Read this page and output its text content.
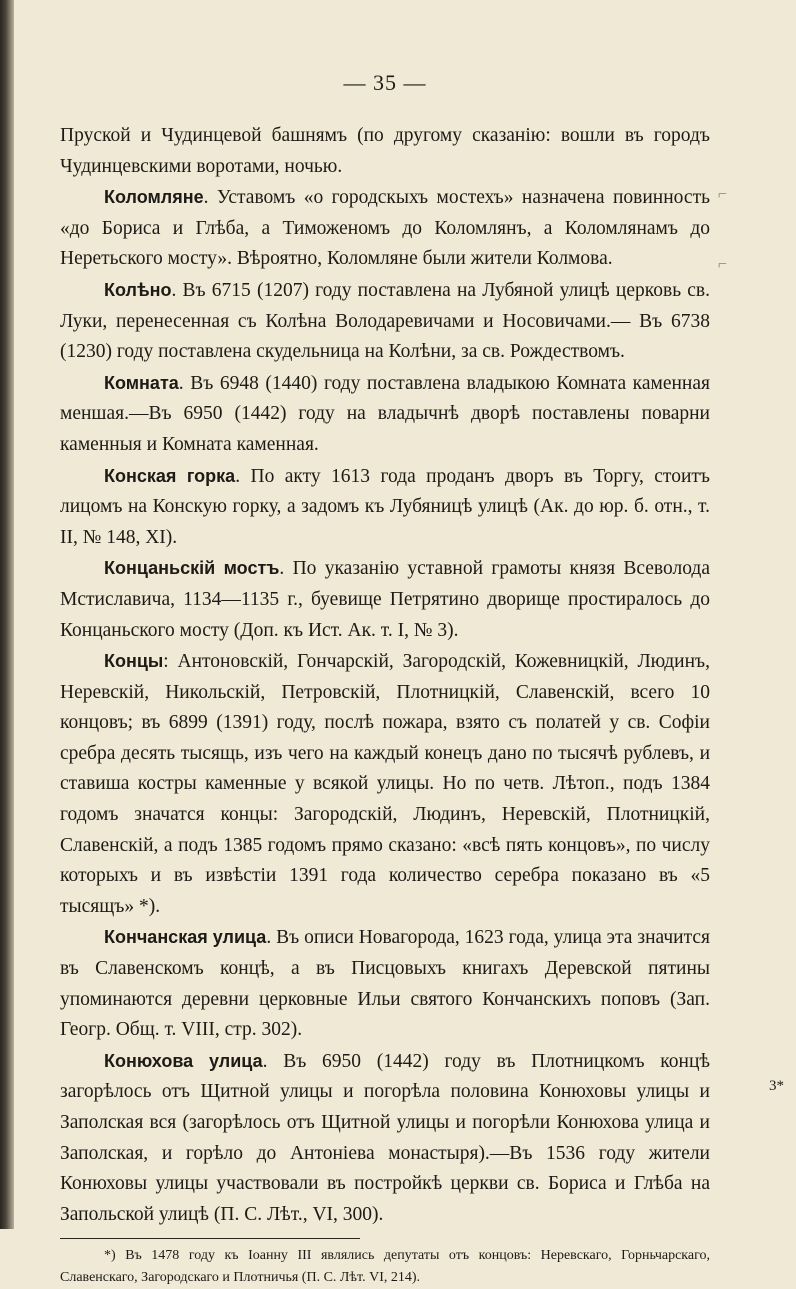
— 35 —

Пруской и Чудинцевой башнямъ (по другому сказанію: вошли въ городъ Чудинцевскими воротами, ночью.

Коломляне. Уставомъ «о городскыхъ мостехъ» назначена повинность «до Бориса и Глѣба, а Тиможеномъ до Коломлянъ, а Коломлянамъ до Неретьского мосту». Вѣроятно, Коломляне были жители Колмова.

Колѣно. Въ 6715 (1207) году поставлена на Лубяной улицѣ церковь св. Луки, перенесенная съ Колѣна Володаревичами и Носовичами.— Въ 6738 (1230) году поставлена скудельница на Колѣни, за св. Рождествомъ.

Комната. Въ 6948 (1440) году поставлена владыкою Комната каменная меншая.—Въ 6950 (1442) году на владычнѣ дворѣ поставлены поварни каменныя и Комната каменная.

Конская горка. По акту 1613 года проданъ дворъ въ Торгу, стоитъ лицомъ на Конскую горку, а задомъ къ Лубяницѣ улицѣ (Ак. до юр. б. отн., т. II, № 148, XI).

Концаньскій мостъ. По указанію уставной грамоты князя Всеволода Мстиславича, 1134—1135 г., буевище Петрятино дворище простиралось до Концаньского мосту (Доп. къ Ист. Ак. т. I, № 3).

Концы: Антоновскій, Гончарскій, Загородскій, Кожевницкій, Людинъ, Неревскій, Никольскій, Петровскій, Плотницкій, Славенскій, всего 10 концовъ; въ 6899 (1391) году, послѣ пожара, взято съ полатей у св. Софіи сребра десять тысящь, изъ чего на каждый конецъ дано по тысячѣ рублевъ, и ставиша костры каменные у всякой улицы. Но по четв. Лѣтоп., подъ 1384 годомъ значатся концы: Загородскій, Людинъ, Неревскій, Плотницкій, Славенскій, а подъ 1385 годомъ прямо сказано: «всѣ пять концовъ», по числу которыхъ и въ извѣстіи 1391 года количество серебра показано въ «5 тысящъ» *).

Кончанская улица. Въ описи Новагорода, 1623 года, улица эта значится въ Славенскомъ концѣ, а въ Писцовыхъ книгахъ Деревской пятины упоминаются деревни церковные Ильи святого Кончанскихъ поповъ (Зап. Геогр. Общ. т. VIII, стр. 302).

Конюхова улица. Въ 6950 (1442) году въ Плотницкомъ концѣ загорѣлось отъ Щитной улицы и погорѣла половина Конюховы улицы и Заполская вся (загорѣлось отъ Щитной улицы и погорѣли Конюхова улица и Заполская, и горѣло до Антоніева монастыря).—Въ 1536 году жители Конюховы улицы участвовали въ постройкѣ церкви св. Бориса и Глѣба на Запольской улицѣ (П. С. Лѣт., VI, 300).

*) Въ 1478 году къ Іоанну III являлись депутаты отъ концовъ: Неревскаго, Горньчарскаго, Славенскаго, Загородскаго и Плотничья (П. С. Лѣт. VI, 214).

3*
⌐
⌐
